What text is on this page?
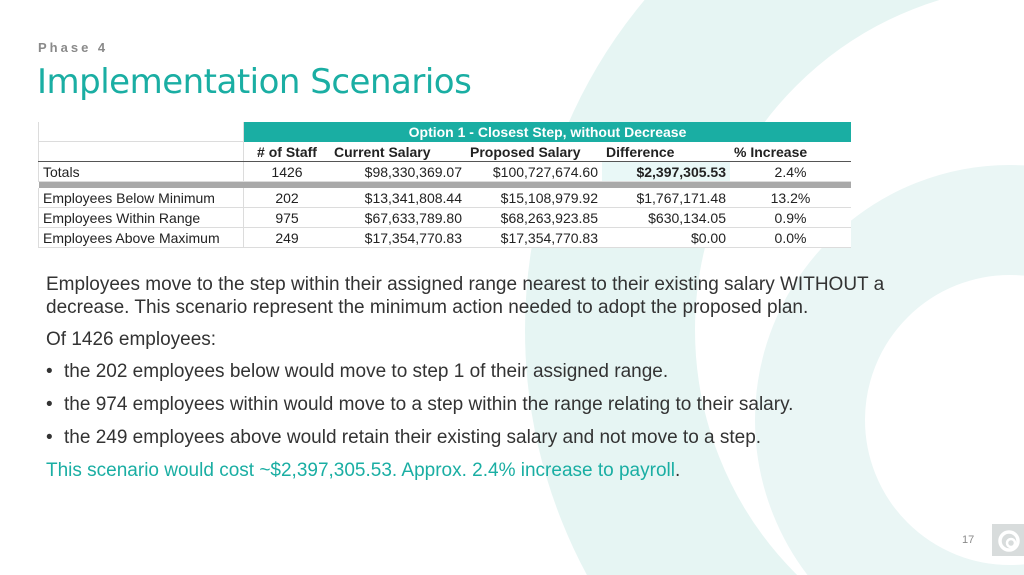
Phase 4
Implementation Scenarios
	Option 1 - Closest Step, without Decrease				
	# of Staff	Current Salary	Proposed Salary	Difference	% Increase
Totals	1426	$98,330,369.07	$100,727,674.60	$2,397,305.53	2.4%

Employees Below Minimum	202	$13,341,808.44	$15,108,979.92	$1,767,171.48	13.2%
Employees Within Range	975	$67,633,789.80	$68,263,923.85	$630,134.05	0.9%
Employees Above Maximum	249	$17,354,770.83	$17,354,770.83	$0.00	0.0%

Employees move to the step within their assigned range nearest to their existing salary WITHOUT a decrease. This scenario represent the minimum action needed to adopt the proposed plan.

Of 1426 employees:

• the 202 employees below would move to step 1 of their assigned range.
• the 974 employees within would move to a step within the range relating to their salary.
• the 249 employees above would retain their existing salary and not move to a step.

This scenario would cost ~$2,397,305.53. Approx. 2.4% increase to payroll.

17
